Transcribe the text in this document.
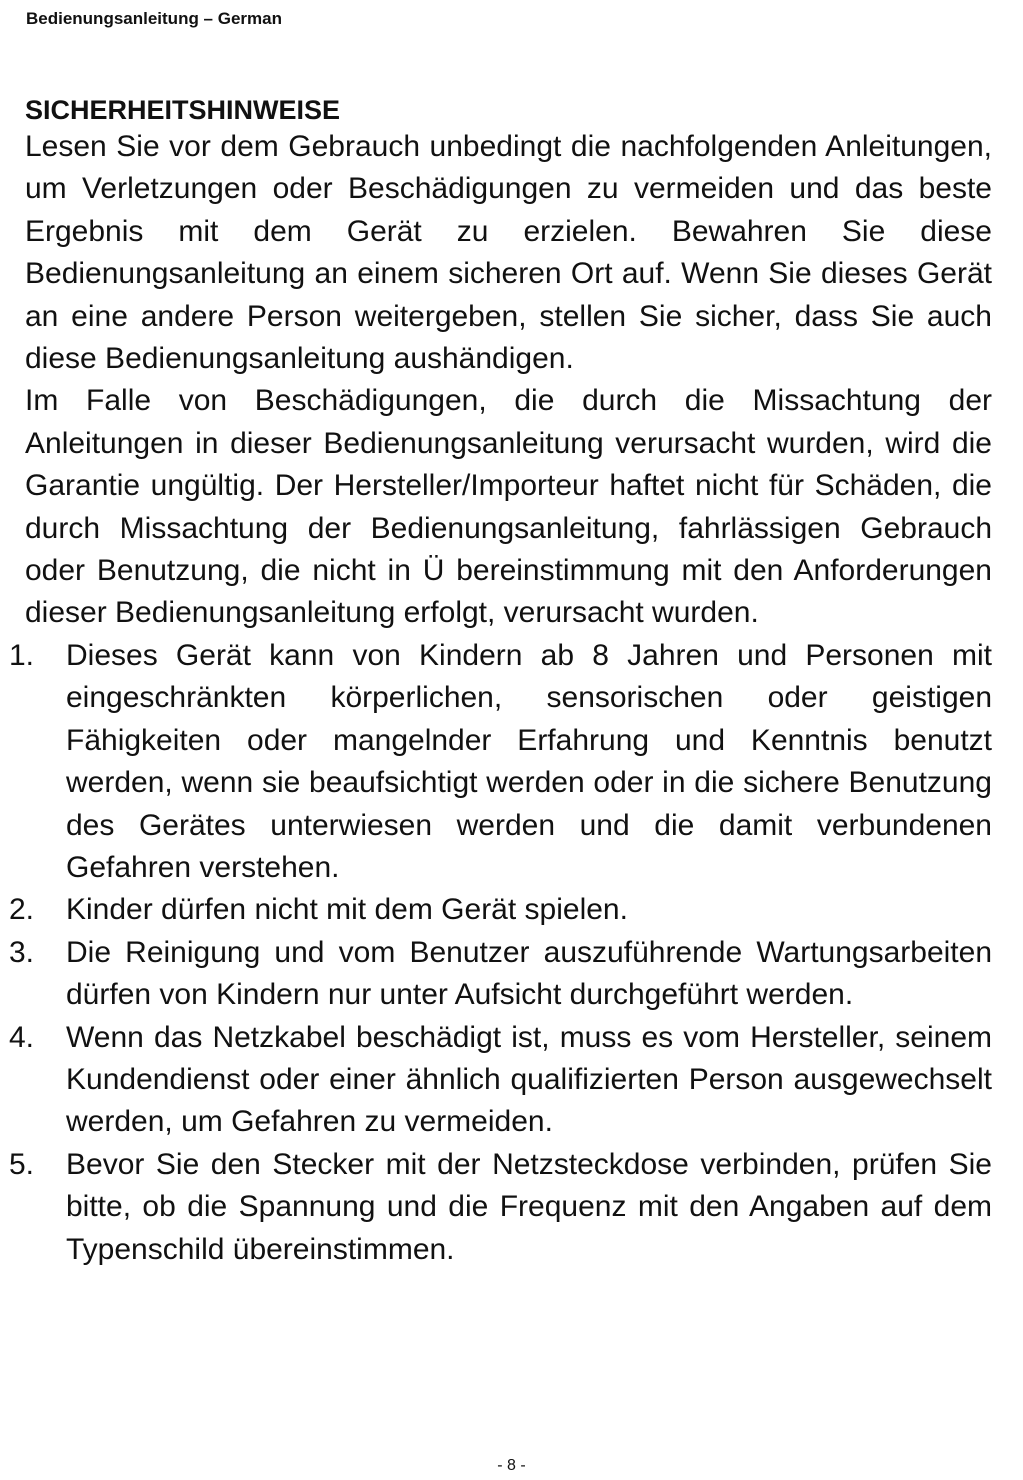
Bedienungsanleitung – German
SICHERHEITSHINWEISE

Lesen Sie vor dem Gebrauch unbedingt die nachfolgenden Anleitungen, um Verletzungen oder Beschädigungen zu vermeiden und das beste Ergebnis mit dem Gerät zu erzielen. Bewahren Sie diese Bedienungsanleitung an einem sicheren Ort auf. Wenn Sie dieses Gerät an eine andere Person weitergeben, stellen Sie sicher, dass Sie auch diese Bedienungsanleitung aushändigen.

Im Falle von Beschädigungen, die durch die Missachtung der Anleitungen in dieser Bedienungsanleitung verursacht wurden, wird die Garantie ungültig. Der Hersteller/Importeur haftet nicht für Schäden, die durch Missachtung der Bedienungsanleitung, fahrlässigen Gebrauch oder Benutzung, die nicht in Ü bereinstimmung mit den Anforderungen dieser Bedienungsanleitung erfolgt, verursacht wurden.

1.	Dieses Gerät kann von Kindern ab 8 Jahren und Personen mit eingeschränkten körperlichen, sensorischen oder geistigen Fähigkeiten oder mangelnder Erfahrung und Kenntnis benutzt werden, wenn sie beaufsichtigt werden oder in die sichere Benutzung des Gerätes unterwiesen werden und die damit verbundenen Gefahren verstehen.
2.	Kinder dürfen nicht mit dem Gerät spielen.
3.	Die Reinigung und vom Benutzer auszuführende Wartungsarbeiten dürfen von Kindern nur unter Aufsicht durchgeführt werden.
4.	Wenn das Netzkabel beschädigt ist, muss es vom Hersteller, seinem Kundendienst oder einer ähnlich qualifizierten Person ausgewechselt werden, um Gefahren zu vermeiden.
5.	Bevor Sie den Stecker mit der Netzsteckdose verbinden, prüfen Sie bitte, ob die Spannung und die Frequenz mit den Angaben auf dem Typenschild übereinstimmen.
- 8 -
